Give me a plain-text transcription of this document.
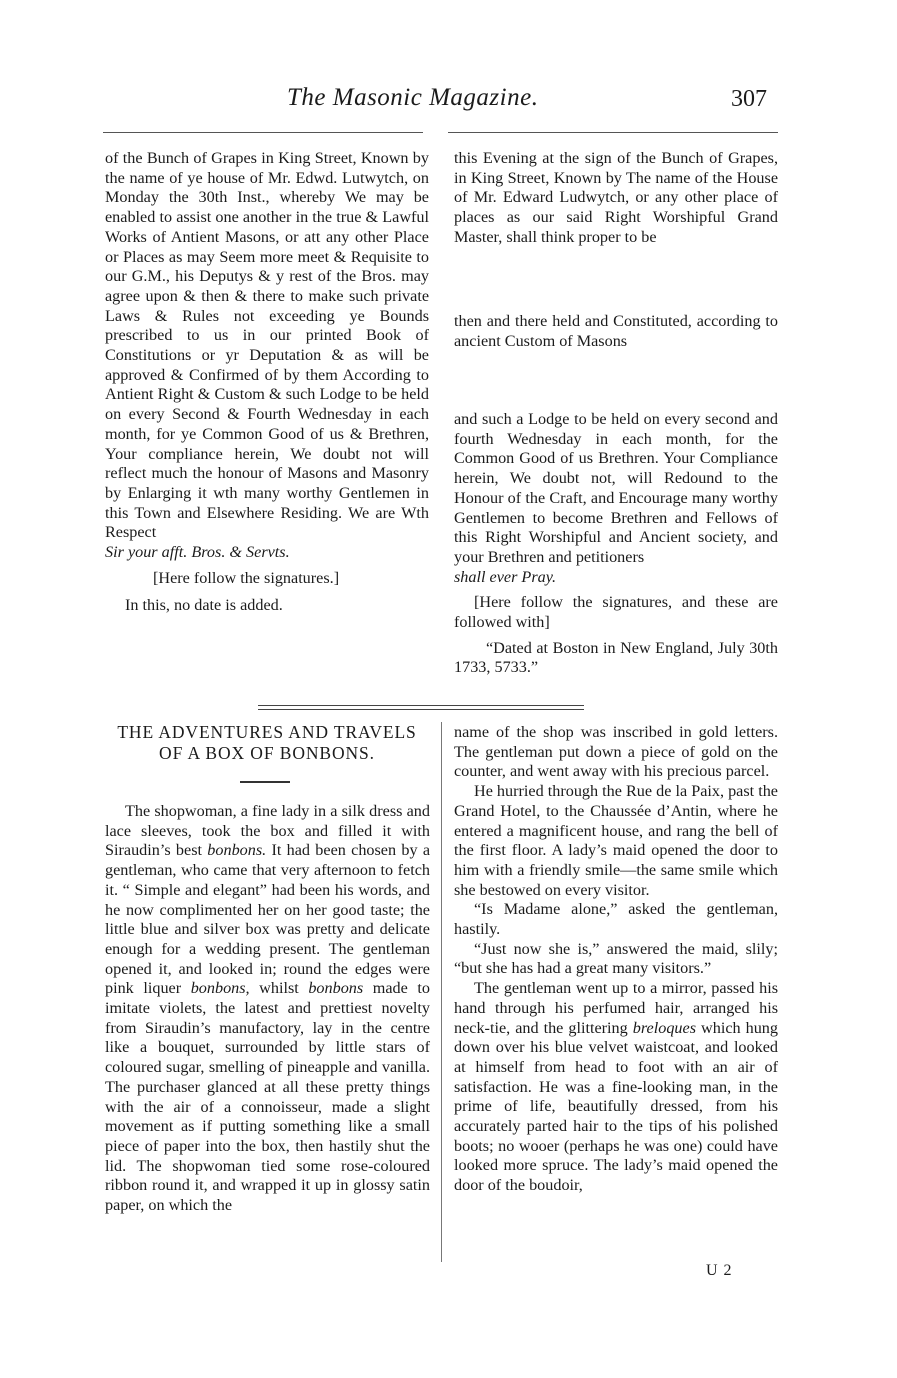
The Masonic Magazine.	307

of the Bunch of Grapes in King Street, Known by the name of ye house of Mr. Edwd. Lutwytch, on Monday the 30th Inst., whereby We may be enabled to assist one another in the true & Lawful Works of Antient Masons, or att any other Place or Places as may Seem more meet & Requisite to our G.M., his Deputys & y rest of the Bros. may agree upon & then & there to make such private Laws & Rules not exceeding ye Bounds prescribed to us in our printed Book of Constitutions or yr Deputation & as will be approved & Confirmed of by them According to Antient Right & Custom & such Lodge to be held on every Second & Fourth Wednesday in each month, for ye Common Good of us & Brethren, Your compliance herein, We doubt not will reflect much the honour of Masons and Masonry by Enlarging it wth many worthy Gentlemen in this Town and Elsewhere Residing. We are Wth Respect

Sir your afft. Bros. & Servts.

[Here follow the signatures.]

In this, no date is added.

this Evening at the sign of the Bunch of Grapes, in King Street, Known by The name of the House of Mr. Edward Ludwytch, or any other place of places as our said Right Worshipful Grand Master, shall think proper to be

then and there held and Constituted, according to ancient Custom of Masons

and such a Lodge to be held on every second and fourth Wednesday in each month, for the Common Good of us Brethren. Your Compliance herein, We doubt not, will Redound to the Honour of the Craft, and Encourage many worthy Gentlemen to become Brethren and Fellows of this Right Worshipful and Ancient society, and your Brethren and petitioners

shall ever Pray.

[Here follow the signatures, and these are followed with]

“Dated at Boston in New England, July 30th 1733, 5733.”

THE ADVENTURES AND TRAVELS
OF A BOX OF BONBONS.

The shopwoman, a fine lady in a silk dress and lace sleeves, took the box and filled it with Siraudin’s best bonbons. It had been chosen by a gentleman, who came that very afternoon to fetch it. “ Simple and elegant” had been his words, and he now complimented her on her good taste; the little blue and silver box was pretty and delicate enough for a wedding present. The gentleman opened it, and looked in; round the edges were pink liquer bonbons, whilst bonbons made to imitate violets, the latest and prettiest novelty from Siraudin’s manufactory, lay in the centre like a bouquet, surrounded by little stars of coloured sugar, smelling of pineapple and vanilla. The purchaser glanced at all these pretty things with the air of a connoisseur, made a slight movement as if putting something like a small piece of paper into the box, then hastily shut the lid. The shopwoman tied some rose-coloured ribbon round it, and wrapped it up in glossy satin paper, on which the

name of the shop was inscribed in gold letters. The gentleman put down a piece of gold on the counter, and went away with his precious parcel.

He hurried through the Rue de la Paix, past the Grand Hotel, to the Chaussée d’Antin, where he entered a magnificent house, and rang the bell of the first floor. A lady’s maid opened the door to him with a friendly smile—the same smile which she bestowed on every visitor.

“Is Madame alone,” asked the gentleman, hastily.

“Just now she is,” answered the maid, slily; “but she has had a great many visitors.”

The gentleman went up to a mirror, passed his hand through his perfumed hair, arranged his neck-tie, and the glittering breloques which hung down over his blue velvet waistcoat, and looked at himself from head to foot with an air of satisfaction. He was a fine-looking man, in the prime of life, beautifully dressed, from his accurately parted hair to the tips of his polished boots; no wooer (perhaps he was one) could have looked more spruce. The lady’s maid opened the door of the boudoir,

U 2
